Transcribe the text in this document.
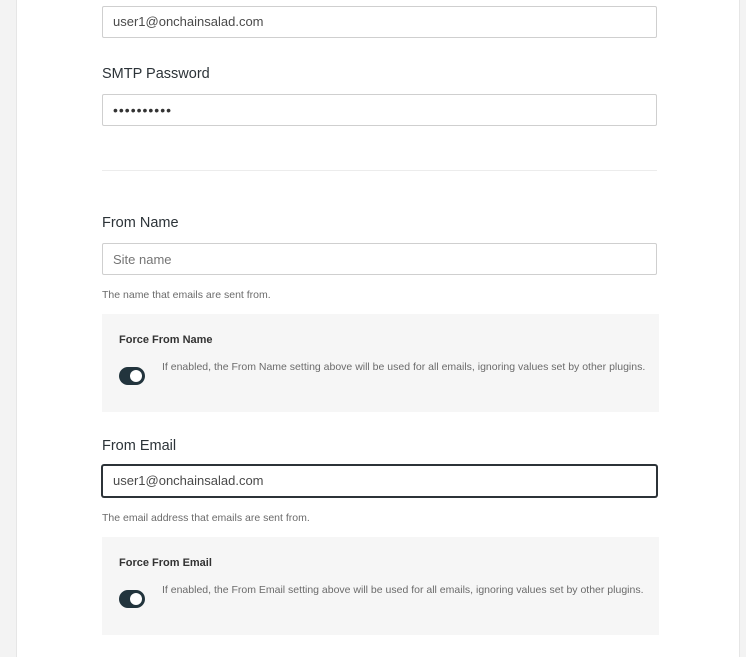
user1@onchainsalad.com
SMTP Password
••••••••••
From Name
Site name
The name that emails are sent from.
Force From Name
If enabled, the From Name setting above will be used for all emails, ignoring values set by other plugins.
From Email
user1@onchainsalad.com
The email address that emails are sent from.
Force From Email
If enabled, the From Email setting above will be used for all emails, ignoring values set by other plugins.
